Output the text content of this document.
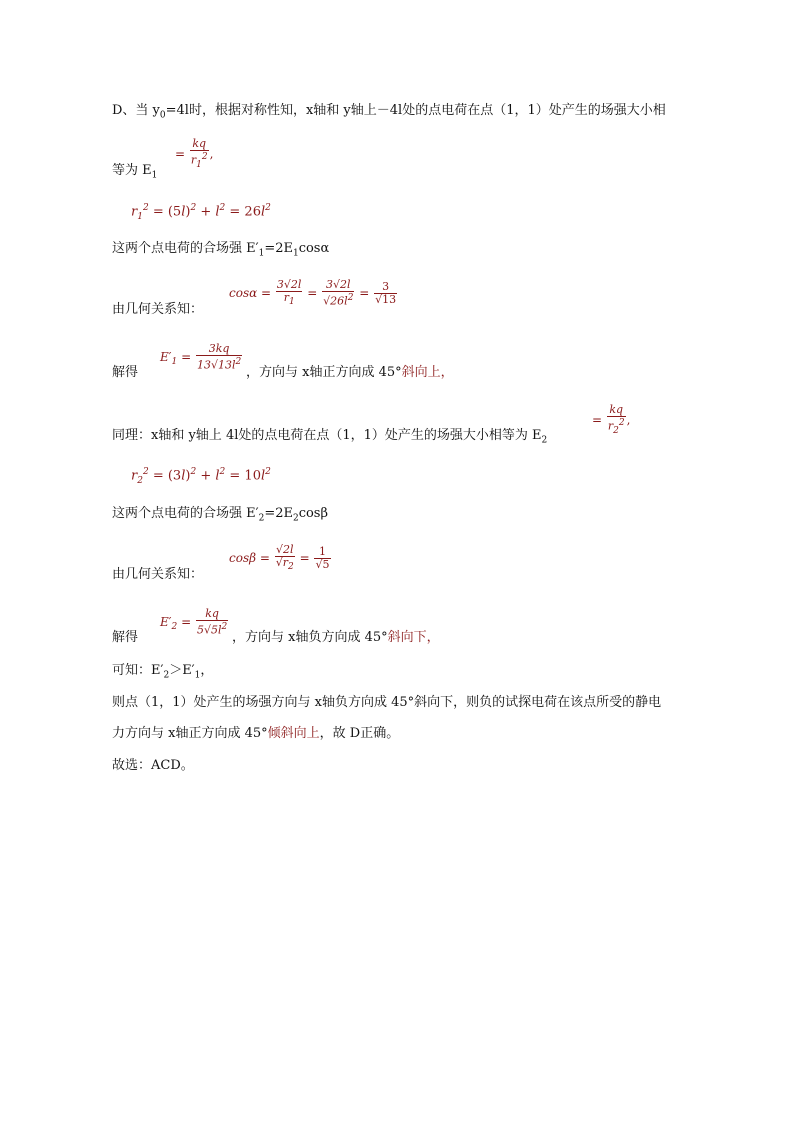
D、当 $y_0=4l$时，根据对称性知，x轴和 y轴上－4l处的点电荷在点（1，1）处产生的场强大小相
= $\frac{kq}{r_1^2}$ ,
等为 $E_1$
$r_1^2 = (5l)^2 + l^2 = 26l^2$
这两个点电荷的合场强 $E'_1=2E_1\cos\alpha$
$\cos\alpha = \frac{3√2l}{r_1} = \frac{3√2l}{√26l^2} = \frac{3}{√13}$
由几何关系知：
$E'_1 = \frac{3kq}{13√13l^2}$
解得	，方向与 x轴正方向成 45°斜向上，
= $\frac{kq}{r_2^2}$ ,
同理：x轴和 y轴上 4l处的点电荷在点（1，1）处产生的场强大小相等为 $E_2$
$r_2^2 = (3l)^2 + l^2 = 10l^2$
这两个点电荷的合场强 $E'_2=2E_2\cos\beta$
$\cos\beta = \frac{√2l}{√r_2} = \frac{1}{√5}$
由几何关系知：
$E'_2 = \frac{kq}{5√5l^2}$
解得	，方向与 x轴负方向成 45°斜向下，
可知：$E'_2>E'_1$，
则点（1，1）处产生的场强方向与 x轴负方向成 45°斜向下，则负的试探电荷在该点所受的静电
力方向与 x轴正方向成 45°倾斜向上，故 D正确。
故选：ACD。
